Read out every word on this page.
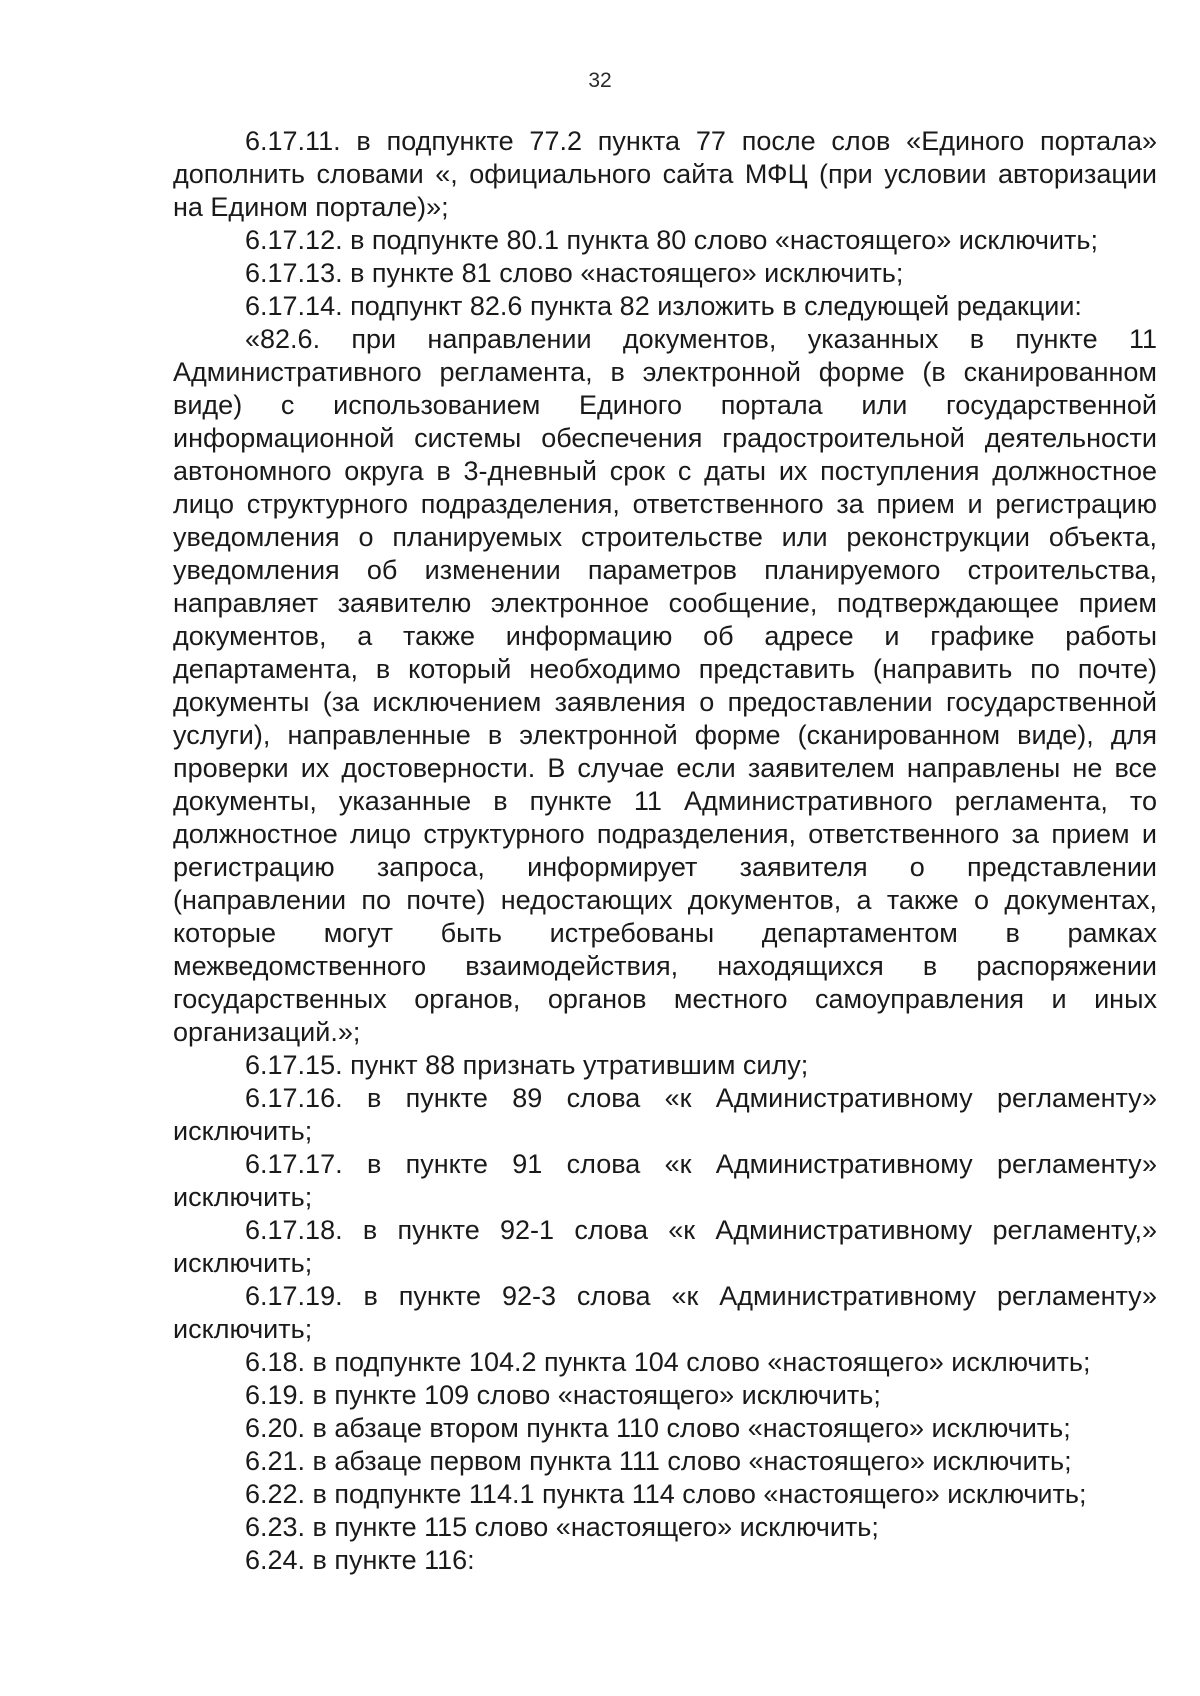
32

6.17.11. в подпункте 77.2 пункта 77 после слов «Единого портала» дополнить словами «, официального сайта МФЦ (при условии авторизации на Едином портале)»;

6.17.12. в подпункте 80.1 пункта 80 слово «настоящего» исключить;

6.17.13. в пункте 81 слово «настоящего» исключить;

6.17.14. подпункт 82.6 пункта 82 изложить в следующей редакции:

«82.6. при направлении документов, указанных в пункте 11 Административного регламента, в электронной форме (в сканированном виде) с использованием Единого портала или государственной информационной системы обеспечения градостроительной деятельности автономного округа в 3-дневный срок с даты их поступления должностное лицо структурного подразделения, ответственного за прием и регистрацию уведомления о планируемых строительстве или реконструкции объекта, уведомления об изменении параметров планируемого строительства, направляет заявителю электронное сообщение, подтверждающее прием документов, а также информацию об адресе и графике работы департамента, в который необходимо представить (направить по почте) документы (за исключением заявления о предоставлении государственной услуги), направленные в электронной форме (сканированном виде), для проверки их достоверности. В случае если заявителем направлены не все документы, указанные в пункте 11 Административного регламента, то должностное лицо структурного подразделения, ответственного за прием и регистрацию запроса, информирует заявителя о представлении (направлении по почте) недостающих документов, а также о документах, которые могут быть истребованы департаментом в рамках межведомственного взаимодействия, находящихся в распоряжении государственных органов, органов местного самоуправления и иных организаций.»;

6.17.15. пункт 88 признать утратившим силу;

6.17.16. в пункте 89 слова «к Административному регламенту» исключить;

6.17.17. в пункте 91 слова «к Административному регламенту» исключить;

6.17.18. в пункте 92-1 слова «к Административному регламенту,» исключить;

6.17.19. в пункте 92-3 слова «к Административному регламенту» исключить;

6.18. в подпункте 104.2 пункта 104 слово «настоящего» исключить;

6.19. в пункте 109 слово «настоящего» исключить;

6.20. в абзаце втором пункта 110 слово «настоящего» исключить;

6.21. в абзаце первом пункта 111 слово «настоящего» исключить;

6.22. в подпункте 114.1 пункта 114 слово «настоящего» исключить;

6.23. в пункте 115 слово «настоящего» исключить;

6.24. в пункте 116:
